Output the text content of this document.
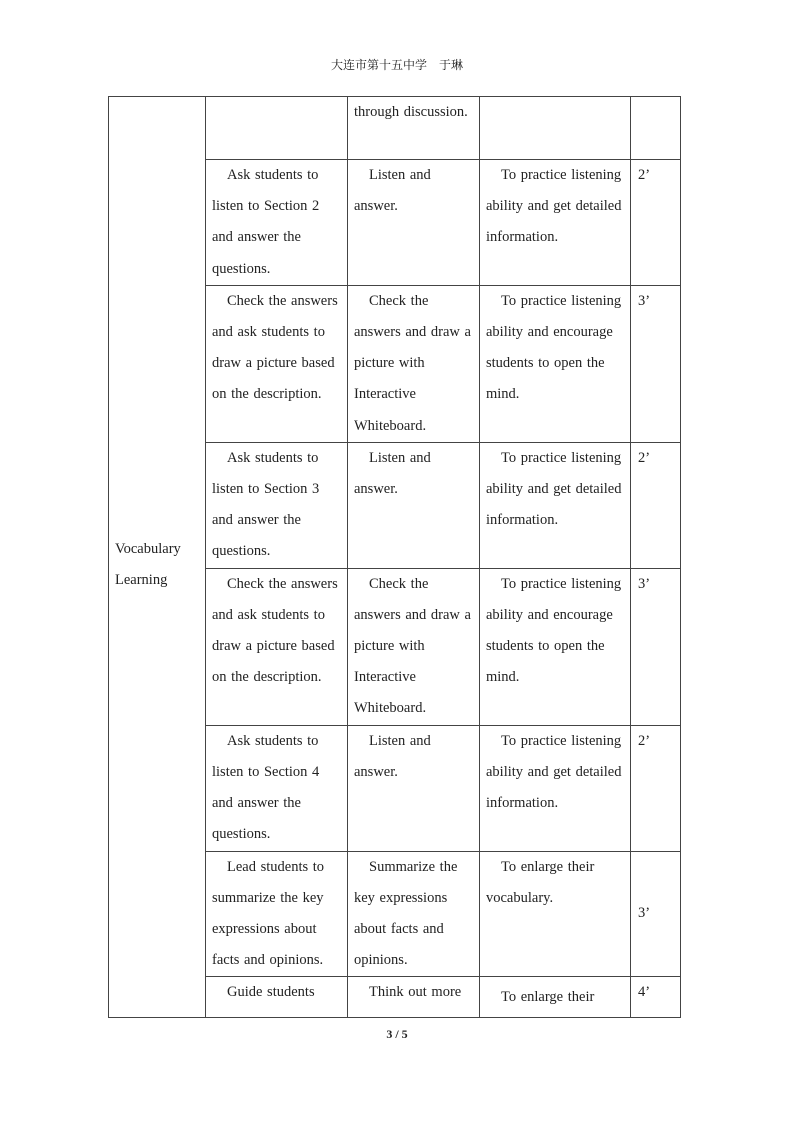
大连市第十五中学　于琳
Vocabulary Learning		through discussion.		
	Ask students to listen to Section 2 and answer the questions.	Listen and answer.	To practice listening ability and get detailed information.	2’
	Check the answers and ask students to draw a picture based on the description.	Check the answers and draw a picture with Interactive Whiteboard.	To practice listening ability and encourage students to open the mind.	3’
	Ask students to listen to Section 3 and answer the questions.	Listen and answer.	To practice listening ability and get detailed information.	2’
	Check the answers and ask students to draw a picture based on the description.	Check the answers and draw a picture with Interactive Whiteboard.	To practice listening ability and encourage students to open the mind.	3’
	Ask students to listen to Section 4 and answer the questions.	Listen and answer.	To practice listening ability and get detailed information.	2’
	Lead students to summarize the key expressions about facts and opinions.	Summarize the key expressions about facts and opinions.	To enlarge their vocabulary.	3’
	Guide students	Think out more	To enlarge their	4’
3 / 5
